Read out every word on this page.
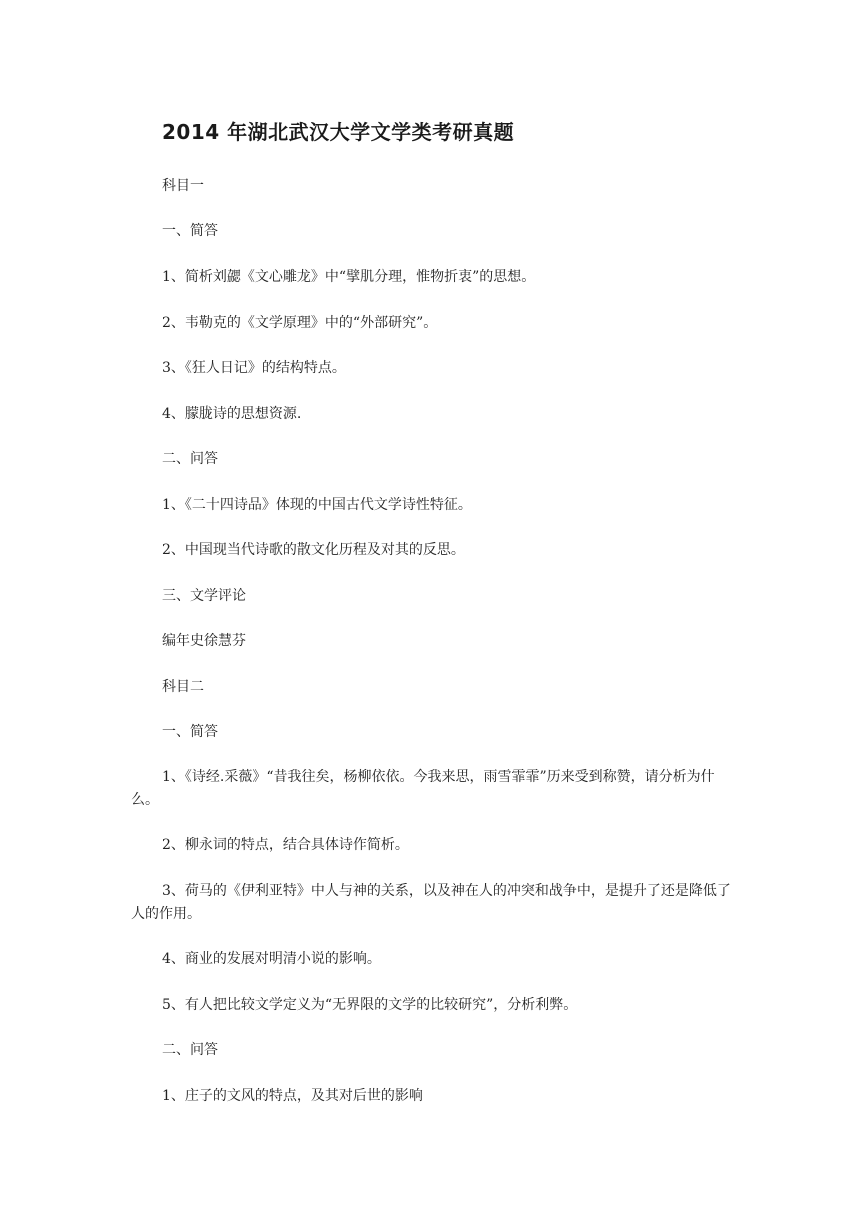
2014 年湖北武汉大学文学类考研真题
科目一
一、简答
1、简析刘勰《文心雕龙》中“擘肌分理，惟物折衷”的思想。
2、韦勒克的《文学原理》中的“外部研究”。
3、《狂人日记》的结构特点。
4、朦胧诗的思想资源.
二、问答
1、《二十四诗品》体现的中国古代文学诗性特征。
2、中国现当代诗歌的散文化历程及对其的反思。
三、文学评论
编年史徐慧芬
科目二
一、简答
1、《诗经.采薇》“昔我往矣，杨柳依依。今我来思，雨雪霏霏”历来受到称赞，请分析为什么。
2、柳永词的特点，结合具体诗作简析。
3、荷马的《伊利亚特》中人与神的关系，以及神在人的冲突和战争中，是提升了还是降低了人的作用。
4、商业的发展对明清小说的影响。
5、有人把比较文学定义为“无界限的文学的比较研究”，分析利弊。
二、问答
1、庄子的文风的特点，及其对后世的影响
